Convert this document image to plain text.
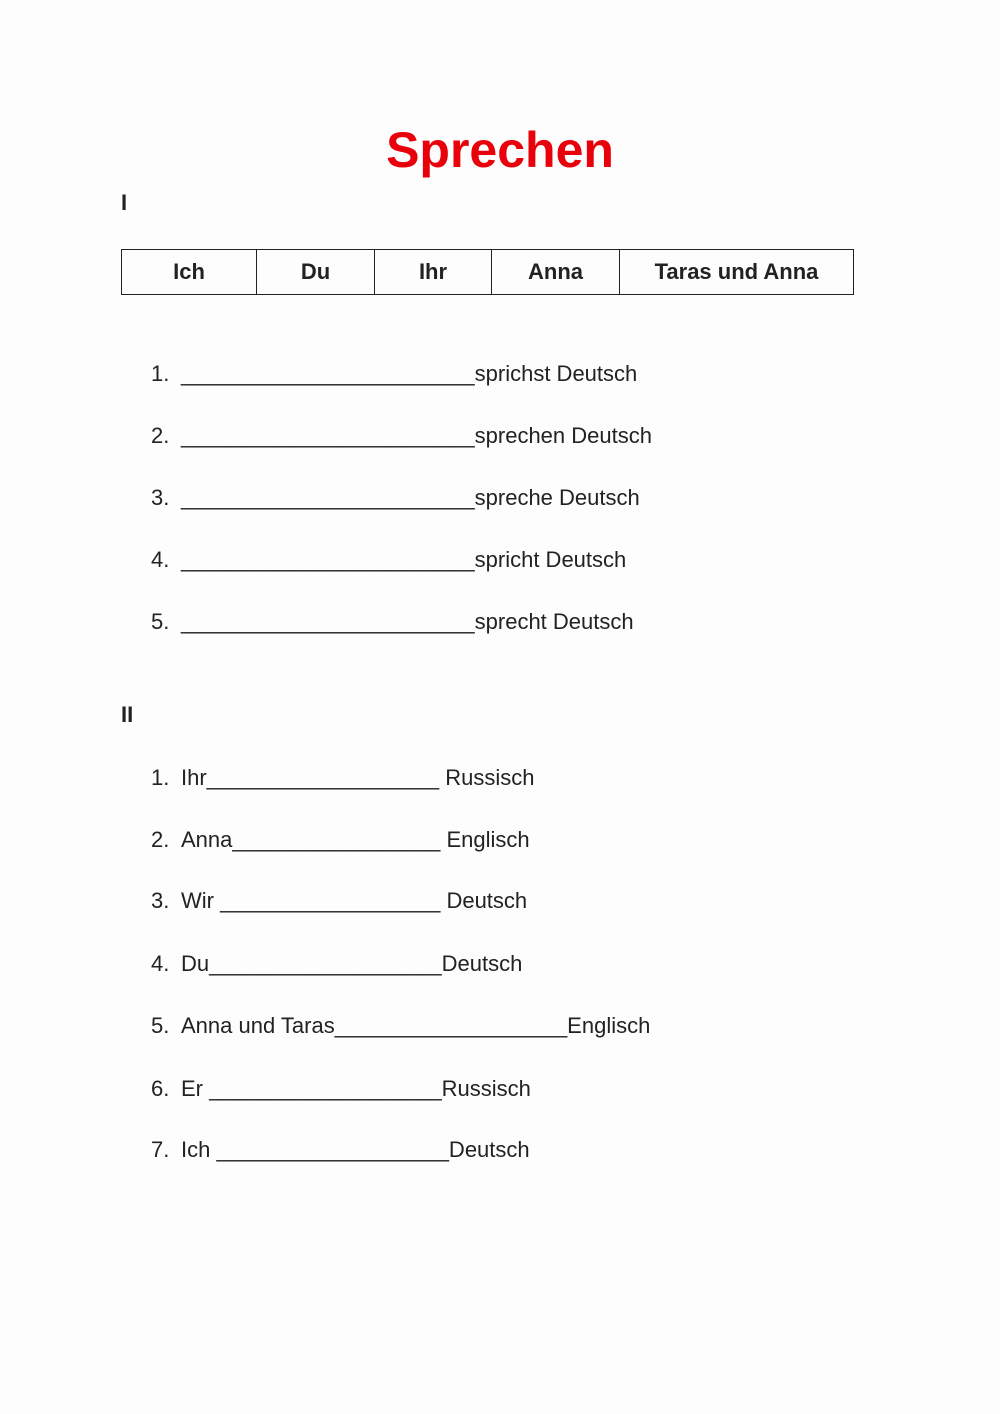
Sprechen
I
Ich	Du	Ihr	Anna	Taras und Anna
1. ________________________sprichst Deutsch
2. ________________________sprechen Deutsch
3. ________________________spreche Deutsch
4. ________________________spricht Deutsch
5. ________________________sprecht Deutsch
II
1. Ihr___________________ Russisch
2. Anna_________________ Englisch
3. Wir __________________ Deutsch
4. Du___________________Deutsch
5. Anna und Taras___________________Englisch
6. Er ___________________Russisch
7. Ich ___________________Deutsch
